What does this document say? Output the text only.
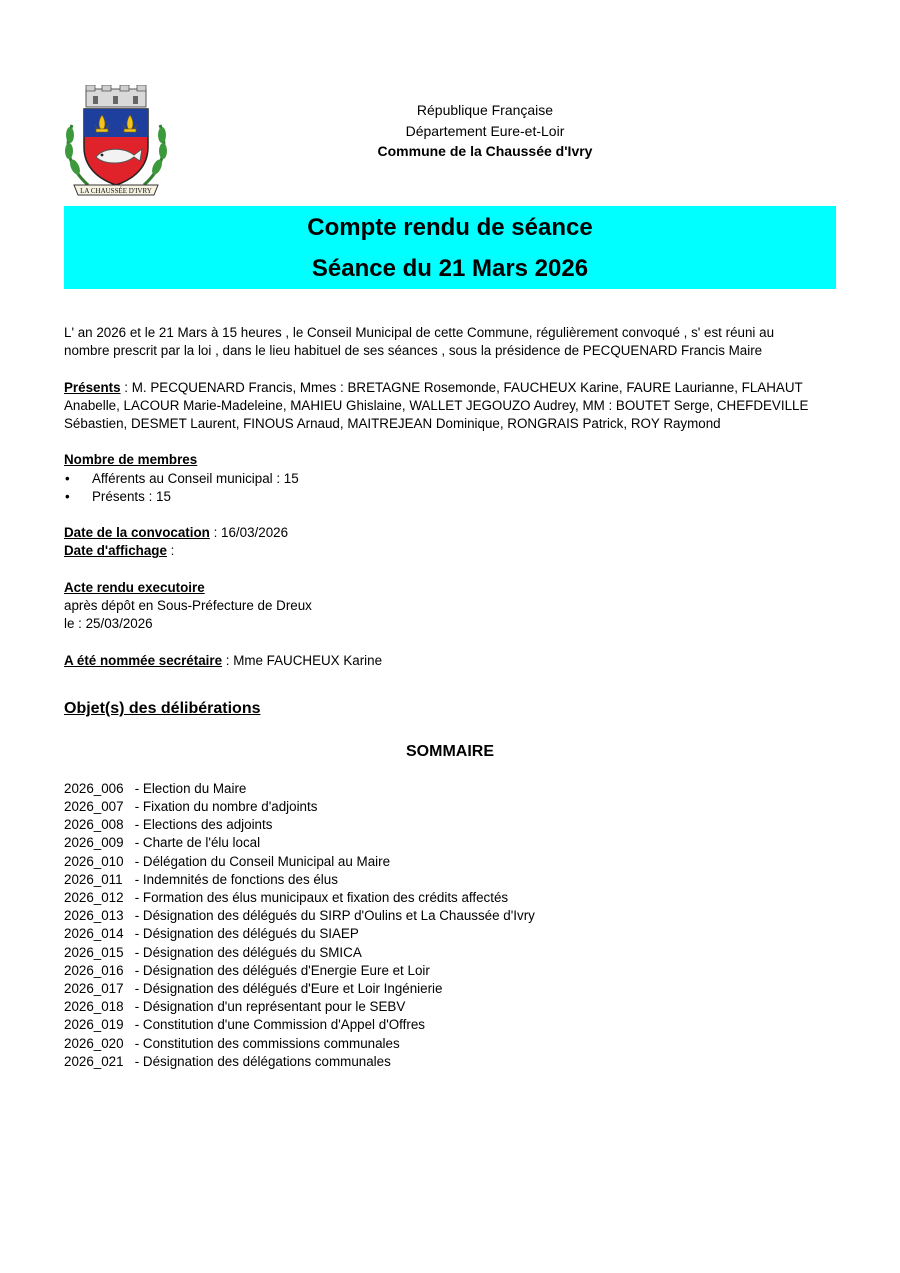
LA CHAUSSÉE D'IVRY
République Française
Département Eure-et-Loir
Commune de la Chaussée d'Ivry
Compte rendu de séance
Séance du 21 Mars 2026

L' an 2026 et le 21 Mars à 15 heures , le Conseil Municipal de cette Commune, régulièrement convoqué , s' est réuni au
nombre prescrit par la loi , dans le lieu habituel de ses séances , sous la présidence de PECQUENARD Francis Maire

Présents : M. PECQUENARD Francis, Mmes : BRETAGNE Rosemonde, FAUCHEUX Karine, FAURE Laurianne, FLAHAUT
Anabelle, LACOUR Marie-Madeleine, MAHIEU Ghislaine, WALLET JEGOUZO Audrey, MM : BOUTET Serge, CHEFDEVILLE
Sébastien, DESMET Laurent, FINOUS Arnaud, MAITREJEAN Dominique, RONGRAIS Patrick, ROY Raymond

Nombre de membres

• Afférents au Conseil municipal : 15
• Présents : 15

Date de la convocation : 16/03/2026

Date d'affichage :

Acte rendu executoire

après dépôt en Sous-Préfecture de Dreux

le : 25/03/2026

A été nommée secrétaire : Mme FAUCHEUX Karine

Objet(s) des délibérations
SOMMAIRE
2026_006 - Election du Maire
2026_007 - Fixation du nombre d'adjoints
2026_008 - Elections des adjoints
2026_009 - Charte de l'élu local
2026_010 - Délégation du Conseil Municipal au Maire
2026_011 - Indemnités de fonctions des élus
2026_012 - Formation des élus municipaux et fixation des crédits affectés
2026_013 - Désignation des délégués du SIRP d'Oulins et La Chaussée d'Ivry
2026_014 - Désignation des délégués du SIAEP
2026_015 - Désignation des délégués du SMICA
2026_016 - Désignation des délégués d'Energie Eure et Loir
2026_017 - Désignation des délégués d'Eure et Loir Ingénierie
2026_018 - Désignation d'un représentant pour le SEBV
2026_019 - Constitution d'une Commission d'Appel d'Offres
2026_020 - Constitution des commissions communales
2026_021 - Désignation des délégations communales
